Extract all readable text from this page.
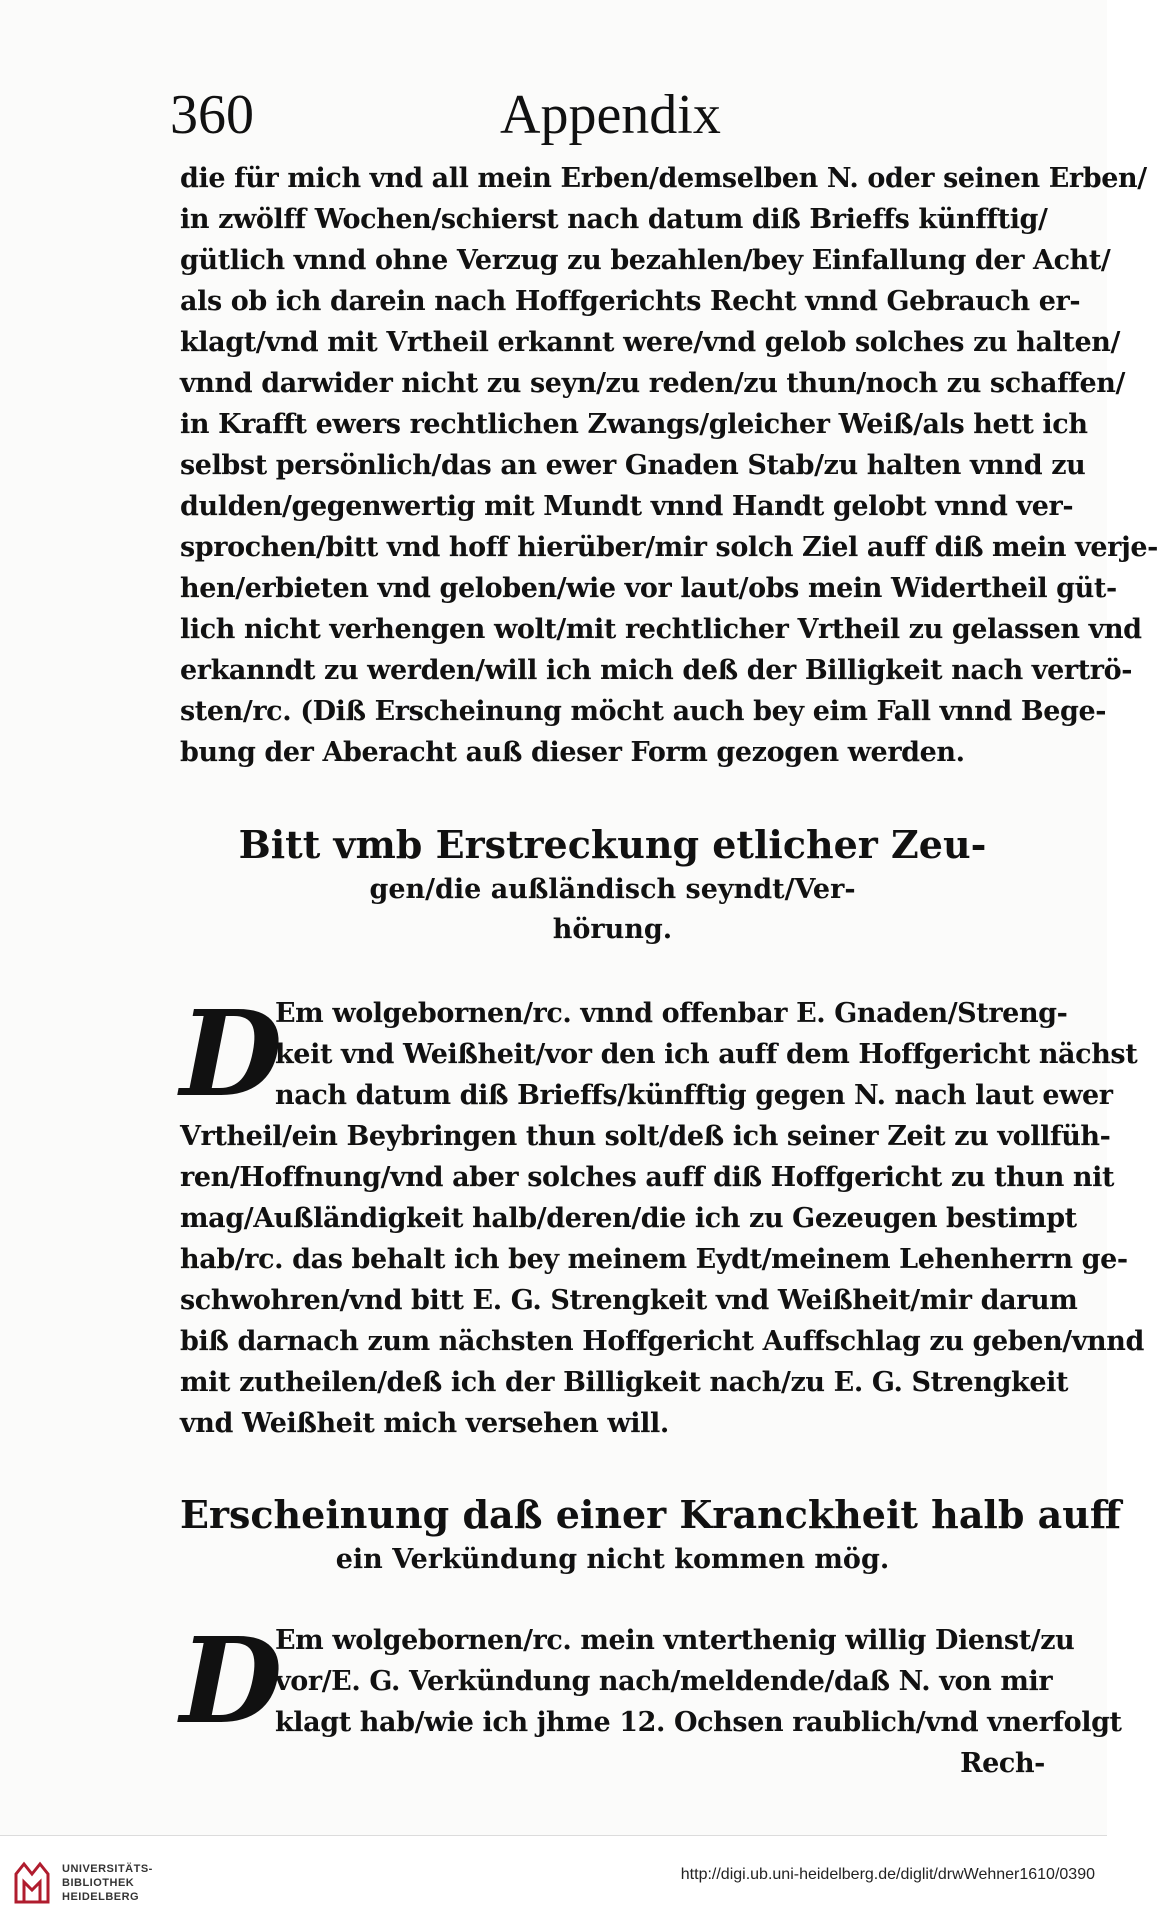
360	Appendix
die für mich vnd all mein Erben/demselben N. oder seinen Erben/
in zwölff Wochen/schierst nach datum diß Brieffs künfftig/
gütlich vnnd ohne Verzug zu bezahlen/bey Einfallung der Acht/
als ob ich darein nach Hoffgerichts Recht vnnd Gebrauch er-
klagt/vnd mit Vrtheil erkannt were/vnd gelob solches zu halten/
vnnd darwider nicht zu seyn/zu reden/zu thun/noch zu schaffen/
in Krafft ewers rechtlichen Zwangs/gleicher Weiß/als hett ich
selbst persönlich/das an ewer Gnaden Stab/zu halten vnnd zu
dulden/gegenwertig mit Mundt vnnd Handt gelobt vnnd ver-
sprochen/bitt vnd hoff hierüber/mir solch Ziel auff diß mein verje-
hen/erbieten vnd geloben/wie vor laut/obs mein Widertheil güt-
lich nicht verhengen wolt/mit rechtlicher Vrtheil zu gelassen vnd
erkanndt zu werden/will ich mich deß der Billigkeit nach vertrö-
sten/rc. (Diß Erscheinung möcht auch bey eim Fall vnnd Bege-
bung der Aberacht auß dieser Form gezogen werden.
Bitt vmb Erstreckung etlicher Zeu-
gen/die außländisch seyndt/Ver-
hörung.
D
Em wolgebornen/rc. vnnd offenbar E. Gnaden/Streng-
keit vnd Weißheit/vor den ich auff dem Hoffgericht nächst
nach datum diß Brieffs/künfftig gegen N. nach laut ewer
Vrtheil/ein Beybringen thun solt/deß ich seiner Zeit zu vollfüh-
ren/Hoffnung/vnd aber solches auff diß Hoffgericht zu thun nit
mag/Außländigkeit halb/deren/die ich zu Gezeugen bestimpt
hab/rc. das behalt ich bey meinem Eydt/meinem Lehenherrn ge-
schwohren/vnd bitt E. G. Strengkeit vnd Weißheit/mir darum
biß darnach zum nächsten Hoffgericht Auffschlag zu geben/vnnd
mit zutheilen/deß ich der Billigkeit nach/zu E. G. Strengkeit
vnd Weißheit mich versehen will.
Erscheinung daß einer Kranckheit halb auff
ein Verkündung nicht kommen mög.
D
Em wolgebornen/rc. mein vnterthenig willig Dienst/zu
vor/E. G. Verkündung nach/meldende/daß N. von mir
klagt hab/wie ich jhme 12. Ochsen raublich/vnd vnerfolgt
Rech-
UNIVERSITÄTS-
BIBLIOTHEK
HEIDELBERG
http://digi.ub.uni-heidelberg.de/diglit/drwWehner1610/0390
